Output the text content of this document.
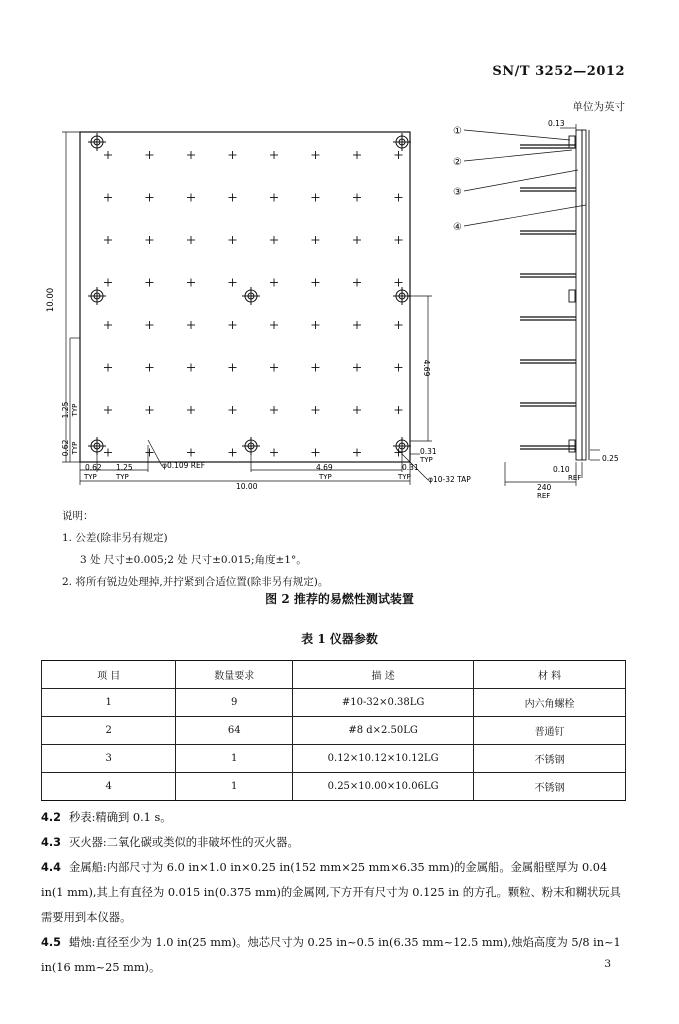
SN/T 3252—2012
单位为英寸
10.00
1.25 TYP
0.62 TYP
4.69
0.31
TYP
0.62
TYP
1.25
TYP
φ0.109 REF	4.69
TYP
0.31
TYP φ10-32 TAP
10.00
①
②
③
④
0.13
0.25
0.10
REF
240
REF
说明：
1. 公差(除非另有规定)
3 处 尺寸±0.005;2 处 尺寸±0.015;角度±1°。
2. 将所有锐边处理掉,并拧紧到合适位置(除非另有规定)。
图 2 推荐的易燃性测试装置
表 1 仪器参数
项 目	数量要求	描 述	材 料
1	9	#10-32×0.38LG	内六角螺栓
2	64	#8 d×2.50LG	普通钉
3	1	0.12×10.12×10.12LG	不锈钢
4	1	0.25×10.00×10.06LG	不锈钢

4.2 秒表:精确到 0.1 s。

4.3 灭火器:二氧化碳或类似的非破坏性的灭火器。

4.4 金属船:内部尺寸为 6.0 in×1.0 in×0.25 in(152 mm×25 mm×6.35 mm)的金属船。金属船壁厚为 0.04 in(1 mm),其上有直径为 0.015 in(0.375 mm)的金属网,下方开有尺寸为 0.125 in 的方孔。颗粒、粉末和糊状玩具需要用到本仪器。

4.5 蜡烛:直径至少为 1.0 in(25 mm)。烛芯尺寸为 0.25 in~0.5 in(6.35 mm~12.5 mm),烛焰高度为 5/8 in~1 in(16 mm~25 mm)。	3
